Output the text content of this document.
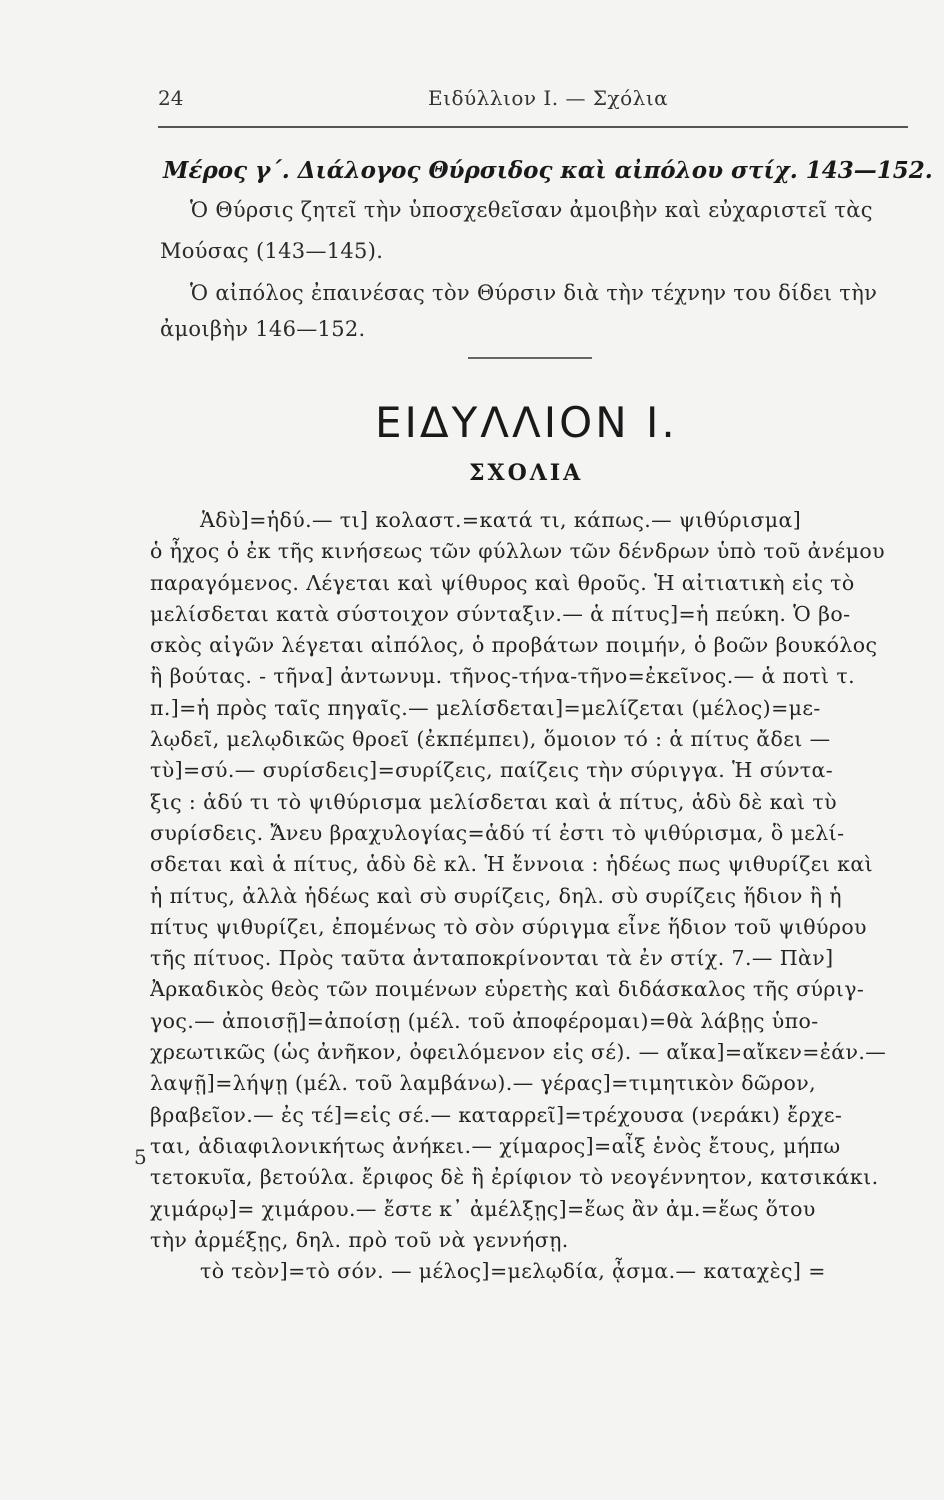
24	Ειδύλλιον Ι. — Σχόλια
Μέρος γ΄. Διάλογος Θύρσιδος καὶ αἰπόλου στίχ. 143—152.
Ὁ Θύρσις ζητεῖ τὴν ὑποσχεθεῖσαν ἀμοιβὴν καὶ εὐχαριστεῖ τὰς
Μούσας (143—145).
Ὁ αἰπόλος ἐπαινέσας τὸν Θύρσιν διὰ τὴν τέχνην του δίδει τὴν
ἀμοιβὴν 146—152.
ΕΙΔΥΛΛΙΟΝ Ι.
ΣΧΟΛΙΑ
Ἁδὺ]=ἡδύ.— τι] κολαστ.=κατά τι, κάπως.— ψιθύρισμα]
ὁ ἦχος ὁ ἐκ τῆς κινήσεως τῶν φύλλων τῶν δένδρων ὑπὸ τοῦ ἀνέμου
παραγόμενος. Λέγεται καὶ ψίθυρος καὶ θροῦς. Ἡ αἰτιατικὴ εἰς τὸ
μελίσδεται κατὰ σύστοιχον σύνταξιν.— ἁ πίτυς]=ἡ πεύκη. Ὁ βο-
σκὸς αἰγῶν λέγεται αἰπόλος, ὁ προβάτων ποιμήν, ὁ βοῶν βουκόλος
ἢ βούτας. - τῆνα] ἀντωνυμ. τῆνος-τήνα-τῆνο=ἐκεῖνος.— ἁ ποτὶ τ.
π.]=ἡ πρὸς ταῖς πηγαῖς.— μελίσδεται]=μελίζεται (μέλος)=με-
λῳδεῖ, μελῳδικῶς θροεῖ (ἐκπέμπει), ὅμοιον τό : ἁ πίτυς ἄδει —
τὺ]=σύ.— συρίσδεις]=συρίζεις, παίζεις τὴν σύριγγα. Ἡ σύντα-
ξις : ἁδύ τι τὸ ψιθύρισμα μελίσδεται καὶ ἁ πίτυς, ἁδὺ δὲ καὶ τὺ
συρίσδεις. Ἄνευ βραχυλογίας=ἁδύ τί ἐστι τὸ ψιθύρισμα, ὃ μελί-
σδεται καὶ ἁ πίτυς, ἁδὺ δὲ κλ. Ἡ ἔννοια : ἡδέως πως ψιθυρίζει καὶ
ἡ πίτυς, ἀλλὰ ἡδέως καὶ σὺ συρίζεις, δηλ. σὺ συρίζεις ἥδιον ἢ ἡ
πίτυς ψιθυρίζει, ἐπομένως τὸ σὸν σύριγμα εἶνε ἥδιον τοῦ ψιθύρου
τῆς πίτυος. Πρὸς ταῦτα ἀνταποκρίνονται τὰ ἐν στίχ. 7.— Πὰν]
Ἀρκαδικὸς θεὸς τῶν ποιμένων εὑρετὴς καὶ διδάσκαλος τῆς σύριγ-
γος.— ἀποισῇ]=ἀποίσῃ (μέλ. τοῦ ἀποφέρομαι)=θὰ λάβῃς ὑπο-
χρεωτικῶς (ὡς ἀνῆκον, ὀφειλόμενον εἰς σέ). — αἴκα]=αἴκεν=ἐάν.—
λαψῇ]=λήψῃ (μέλ. τοῦ λαμβάνω).— γέρας]=τιμητικὸν δῶρον,
βραβεῖον.— ἐς τέ]=εἰς σέ.— καταρρεῖ]=τρέχουσα (νεράκι) ἔρχε-
ται, ἀδιαφιλονικήτως ἀνήκει.— χίμαρος]=αἶξ ἑνὸς ἔτους, μήπω
τετοκυῖα, βετούλα. ἔριφος δὲ ἢ ἐρίφιον τὸ νεογέννητον, κατσικάκι.
χιμάρῳ]= χιμάρου.— ἔστε κ᾽ ἀμέλξῃς]=ἕως ἂν ἀμ.=ἕως ὅτου
τὴν ἀρμέξῃς, δηλ. πρὸ τοῦ νὰ γεννήσῃ.
τὸ τεὸν]=τὸ σόν. — μέλος]=μελῳδία, ᾆσμα.— καταχὲς] =
5
